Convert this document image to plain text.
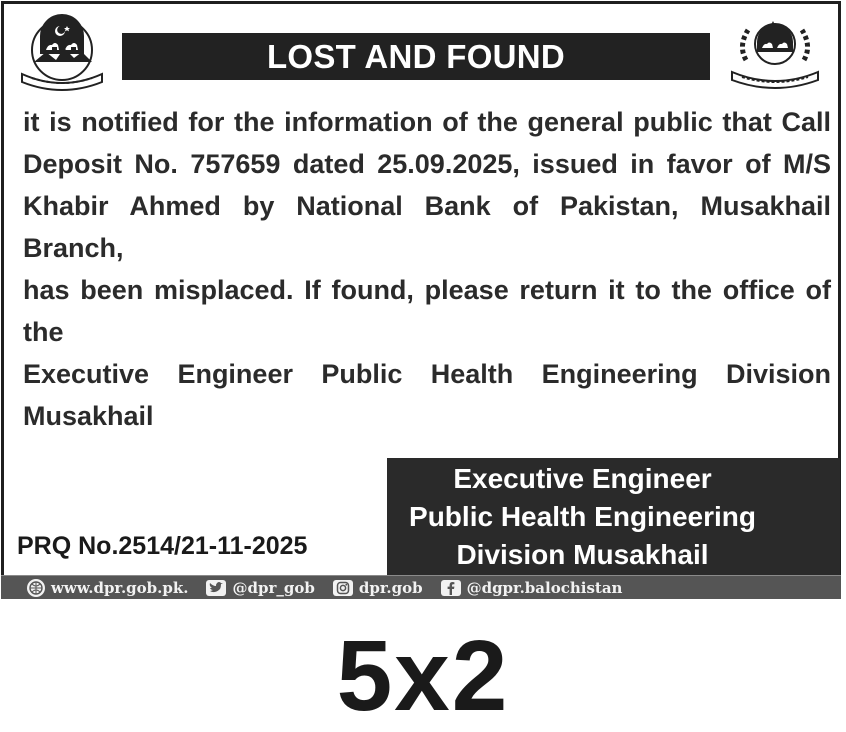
LOST AND FOUND

it is notified for the information of the general public that Call

Deposit No. 757659 dated 25.09.2025, issued in favor of M/S

Khabir Ahmed by National Bank of Pakistan, Musakhail Branch,

has been misplaced. If found, please return it to the office of the

Executive Engineer Public Health Engineering Division

Musakhail

PRQ No.2514/21-11-2025
Executive Engineer
Public Health Engineering
Division Musakhail
www.dpr.gob.pk.	@dpr_gob	dpr.gob	@dgpr.balochistan
5x2
